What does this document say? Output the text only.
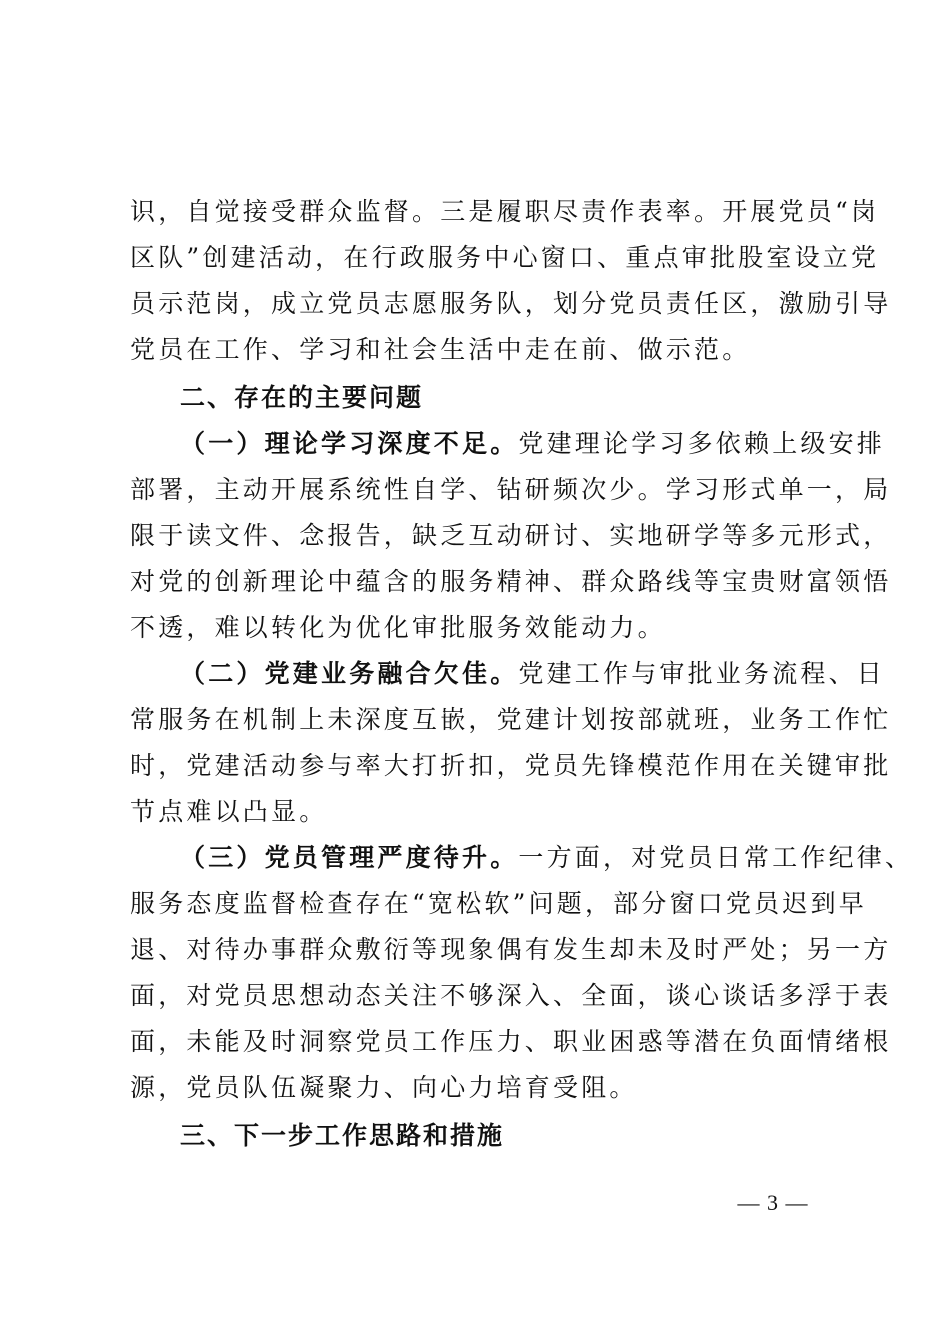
识，自觉接受群众监督。三是履职尽责作表率。开展党员“岗
区队”创建活动，在行政服务中心窗口、重点审批股室设立党
员示范岗，成立党员志愿服务队，划分党员责任区，激励引导
党员在工作、学习和社会生活中走在前、做示范。
二、存在的主要问题
（一）理论学习深度不足。党建理论学习多依赖上级安排
部署，主动开展系统性自学、钻研频次少。学习形式单一，局
限于读文件、念报告，缺乏互动研讨、实地研学等多元形式，
对党的创新理论中蕴含的服务精神、群众路线等宝贵财富领悟
不透，难以转化为优化审批服务效能动力。
（二）党建业务融合欠佳。党建工作与审批业务流程、日
常服务在机制上未深度互嵌，党建计划按部就班，业务工作忙
时，党建活动参与率大打折扣，党员先锋模范作用在关键审批
节点难以凸显。
（三）党员管理严度待升。一方面，对党员日常工作纪律、
服务态度监督检查存在“宽松软”问题，部分窗口党员迟到早
退、对待办事群众敷衍等现象偶有发生却未及时严处；另一方
面，对党员思想动态关注不够深入、全面，谈心谈话多浮于表
面，未能及时洞察党员工作压力、职业困惑等潜在负面情绪根
源，党员队伍凝聚力、向心力培育受阻。
三、下一步工作思路和措施
— 3 —
